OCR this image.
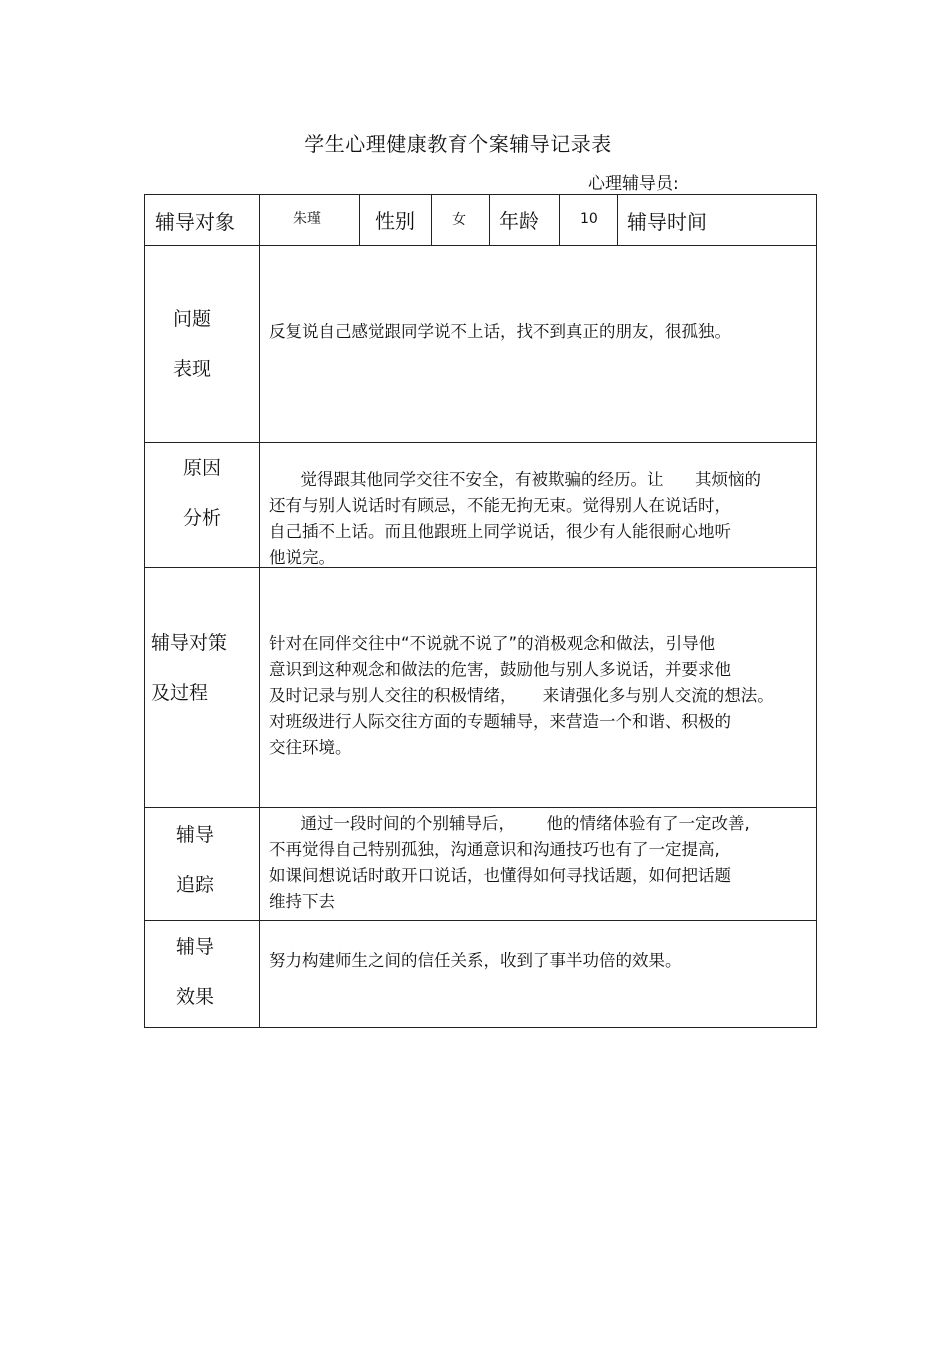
学生心理健康教育个案辅导记录表
心理辅导员:
辅导对象	朱瑾	性别	女 年龄	10 辅导时间
问题
表现
反复说自己感觉跟同学说不上话，找不到真正的朋友，很孤独。
原因
分析
觉得跟其他同学交往不安全，有被欺骗的经历。让      其烦恼的
还有与别人说话时有顾忌，不能无拘无束。觉得别人在说话时，
自己插不上话。而且他跟班上同学说话，很少有人能很耐心地听
他说完。
辅导对策
及过程
针对在同伴交往中“不说就不说了”的消极观念和做法，引导他
意识到这种观念和做法的危害，鼓励他与别人多说话，并要求他
及时记录与别人交往的积极情绪，     来请强化多与别人交流的想法。
对班级进行人际交往方面的专题辅导，来营造一个和谐、积极的
交往环境。
辅导
追踪
通过一段时间的个别辅导后，      他的情绪体验有了一定改善,
不再觉得自己特别孤独，沟通意识和沟通技巧也有了一定提高,
如课间想说话时敢开口说话，也懂得如何寻找话题，如何把话题
维持下去
辅导
效果
努力构建师生之间的信任关系，收到了事半功倍的效果。
